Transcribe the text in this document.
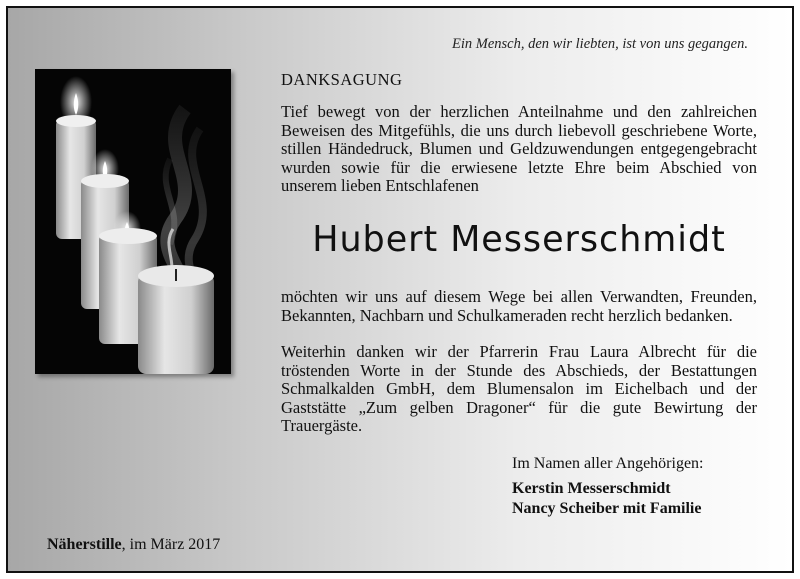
Ein Mensch, den wir liebten, ist von uns gegangen.
DANKSAGUNG

Tief bewegt von der herzlichen Anteilnahme und den zahlreichen Beweisen des Mitgefühls, die uns durch liebevoll geschriebene Worte, stillen Händedruck, Blumen und Geldzuwendungen entgegengebracht wurden sowie für die erwiesene letzte Ehre beim Abschied von unserem lieben Entschlafenen

Hubert Messerschmidt

möchten wir uns auf diesem Wege bei allen Verwandten, Freunden, Bekannten, Nachbarn und Schulkameraden recht herzlich bedanken.

Weiterhin danken wir der Pfarrerin Frau Laura Albrecht für die tröstenden Worte in der Stunde des Abschieds, der Bestattungen Schmalkalden GmbH, dem Blumensalon im Eichelbach und der Gaststätte „Zum gelben Dragoner“ für die gute Bewirtung der Trauergäste.

Im Namen aller Angehörigen:
Kerstin Messerschmidt
Nancy Scheiber mit Familie
Näherstille, im März 2017
